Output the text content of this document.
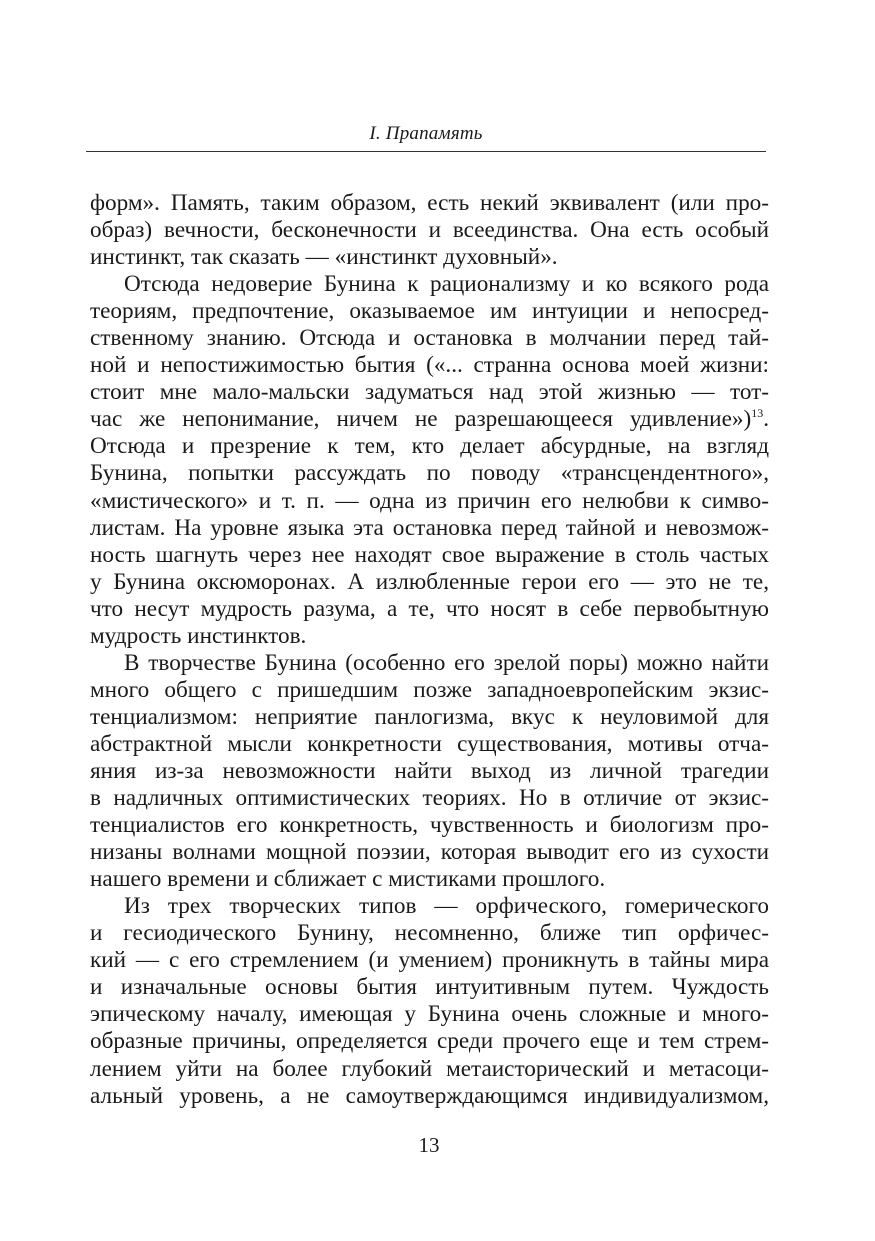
I. Прапамять
форм». Память, таким образом, есть некий эквивалент (или про-
образ) вечности, бесконечности и всеединства. Она есть особый
инстинкт, так сказать — «инстинкт духовный».
Отсюда недоверие Бунина к рационализму и ко всякого рода
теориям, предпочтение, оказываемое им интуиции и непосред-
ственному знанию. Отсюда и остановка в молчании перед тай-
ной и непостижимостью бытия («... странна основа моей жизни:
стоит мне мало-мальски задуматься над этой жизнью — тот-
час же непонимание, ничем не разрешающееся удивление»)$^{13}$.
Отсюда и презрение к тем, кто делает абсурдные, на взгляд
Бунина, попытки рассуждать по поводу «трансцендентного»,
«мистического» и т. п. — одна из причин его нелюбви к симво-
листам. На уровне языка эта остановка перед тайной и невозмож-
ность шагнуть через нее находят свое выражение в столь частых
у Бунина оксюморонах. А излюбленные герои его — это не те,
что несут мудрость разума, а те, что носят в себе первобытную
мудрость инстинктов.
В творчестве Бунина (особенно его зрелой поры) можно найти
много общего с пришедшим позже западноевропейским экзис-
тенциализмом: неприятие панлогизма, вкус к неуловимой для
абстрактной мысли конкретности существования, мотивы отча-
яния из-за невозможности найти выход из личной трагедии
в надличных оптимистических теориях. Но в отличие от экзис-
тенциалистов его конкретность, чувственность и биологизм про-
низаны волнами мощной поэзии, которая выводит его из сухости
нашего времени и сближает с мистиками прошлого.
Из трех творческих типов — орфического, гомерического
и гесиодического Бунину, несомненно, ближе тип орфичес-
кий — с его стремлением (и умением) проникнуть в тайны мира
и изначальные основы бытия интуитивным путем. Чуждость
эпическому началу, имеющая у Бунина очень сложные и много-
образные причины, определяется среди прочего еще и тем стрем-
лением уйти на более глубокий метаисторический и метасоци-
альный уровень, а не самоутверждающимся индивидуализмом,
13
